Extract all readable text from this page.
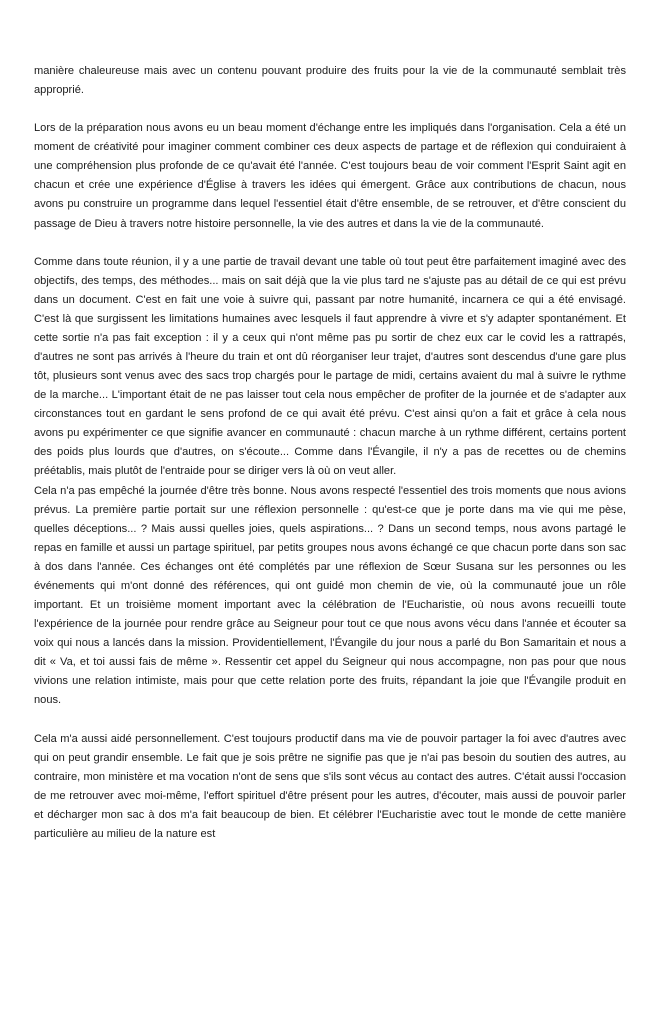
manière chaleureuse mais avec un contenu pouvant produire des fruits pour la vie de la communauté semblait très approprié.

Lors de la préparation nous avons eu un beau moment d'échange entre les impliqués dans l'organisation. Cela a été un moment de créativité pour imaginer comment combiner ces deux aspects de partage et de réflexion qui conduiraient à une compréhension plus profonde de ce qu'avait été l'année. C'est toujours beau de voir comment l'Esprit Saint agit en chacun et crée une expérience d'Église à travers les idées qui émergent. Grâce aux contributions de chacun, nous avons pu construire un programme dans lequel l'essentiel était d'être ensemble, de se retrouver, et d'être conscient du passage de Dieu à travers notre histoire personnelle, la vie des autres et dans la vie de la communauté.

Comme dans toute réunion, il y a une partie de travail devant une table où tout peut être parfaitement imaginé avec des objectifs, des temps, des méthodes... mais on sait déjà que la vie plus tard ne s'ajuste pas au détail de ce qui est prévu dans un document. C'est en fait une voie à suivre qui, passant par notre humanité, incarnera ce qui a été envisagé. C'est là que surgissent les limitations humaines avec lesquels il faut apprendre à vivre et s'y adapter spontanément. Et cette sortie n'a pas fait exception : il y a ceux qui n'ont même pas pu sortir de chez eux car le covid les a rattrapés, d'autres ne sont pas arrivés à l'heure du train et ont dû réorganiser leur trajet, d'autres sont descendus d'une gare plus tôt, plusieurs sont venus avec des sacs trop chargés pour le partage de midi, certains avaient du mal à suivre le rythme de la marche... L'important était de ne pas laisser tout cela nous empêcher de profiter de la journée et de s'adapter aux circonstances tout en gardant le sens profond de ce qui avait été prévu. C'est ainsi qu'on a fait et grâce à cela nous avons pu expérimenter ce que signifie avancer en communauté : chacun marche à un rythme différent, certains portent des poids plus lourds que d'autres, on s'écoute... Comme dans l'Évangile, il n'y a pas de recettes ou de chemins préétablis, mais plutôt de l'entraide pour se diriger vers là où on veut aller.

Cela n'a pas empêché la journée d'être très bonne. Nous avons respecté l'essentiel des trois moments que nous avions prévus. La première partie portait sur une réflexion personnelle : qu'est-ce que je porte dans ma vie qui me pèse, quelles déceptions... ? Mais aussi quelles joies, quels aspirations... ? Dans un second temps, nous avons partagé le repas en famille et aussi un partage spirituel, par petits groupes nous avons échangé ce que chacun porte dans son sac à dos dans l'année. Ces échanges ont été complétés par une réflexion de Sœur Susana sur les personnes ou les événements qui m'ont donné des références, qui ont guidé mon chemin de vie, où la communauté joue un rôle important. Et un troisième moment important avec la célébration de l'Eucharistie, où nous avons recueilli toute l'expérience de la journée pour rendre grâce au Seigneur pour tout ce que nous avons vécu dans l'année et écouter sa voix qui nous a lancés dans la mission. Providentiellement, l'Évangile du jour nous a parlé du Bon Samaritain et nous a dit « Va, et toi aussi fais de même ». Ressentir cet appel du Seigneur qui nous accompagne, non pas pour que nous vivions une relation intimiste, mais pour que cette relation porte des fruits, répandant la joie que l'Évangile produit en nous.

Cela m'a aussi aidé personnellement. C'est toujours productif dans ma vie de pouvoir partager la foi avec d'autres avec qui on peut grandir ensemble. Le fait que je sois prêtre ne signifie pas que je n'ai pas besoin du soutien des autres, au contraire, mon ministère et ma vocation n'ont de sens que s'ils sont vécus au contact des autres. C'était aussi l'occasion de me retrouver avec moi-même, l'effort spirituel d'être présent pour les autres, d'écouter, mais aussi de pouvoir parler et décharger mon sac à dos m'a fait beaucoup de bien. Et célébrer l'Eucharistie avec tout le monde de cette manière particulière au milieu de la nature est
